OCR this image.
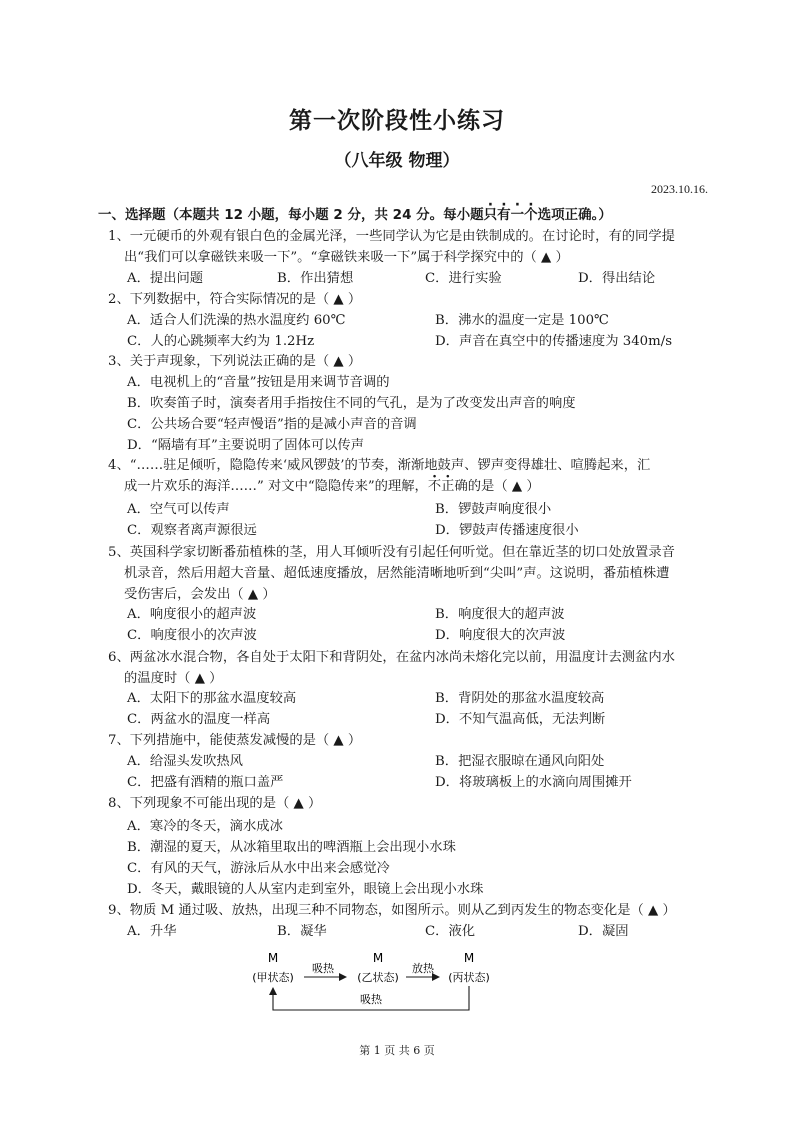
第一次阶段性小练习
（八年级 物理）
2023.10.16.
一、选择题（本题共 12 小题，每小题 2 分，共 24 分。每小题只有一个选项正确。）
1、一元硬币的外观有银白色的金属光泽，一些同学认为它是由铁制成的。在讨论时，有的同学提
出“我们可以拿磁铁来吸一下”。“拿磁铁来吸一下”属于科学探究中的（ ▲ ）
A．提出问题	B．作出猜想	C．进行实验	D．得出结论
2、下列数据中，符合实际情况的是（ ▲ ）
A．适合人们洗澡的热水温度约 60℃	B．沸水的温度一定是 100℃
C．人的心跳频率大约为 1.2Hz	D．声音在真空中的传播速度为 340m/s
3、关于声现象，下列说法正确的是（ ▲ ）
A．电视机上的“音量”按钮是用来调节音调的
B．吹奏笛子时，演奏者用手指按住不同的气孔，是为了改变发出声音的响度
C．公共场合要“轻声慢语”指的是减小声音的音调
D．“隔墙有耳”主要说明了固体可以传声
4、“……驻足倾听，隐隐传来‘威风锣鼓’的节奏，渐渐地鼓声、锣声变得雄壮、喧腾起来，汇
成一片欢乐的海洋……” 对文中“隐隐传来”的理解，不正确的是（ ▲ ）
A．空气可以传声	B．锣鼓声响度很小
C．观察者离声源很远	D．锣鼓声传播速度很小
5、英国科学家切断番茄植株的茎，用人耳倾听没有引起任何听觉。但在靠近茎的切口处放置录音
机录音，然后用超大音量、超低速度播放，居然能清晰地听到“尖叫”声。这说明，番茄植株遭
受伤害后，会发出（ ▲ ）
A．响度很小的超声波	B．响度很大的超声波
C．响度很小的次声波	D．响度很大的次声波
6、两盆冰水混合物，各自处于太阳下和背阴处，在盆内冰尚未熔化完以前，用温度计去测盆内水
的温度时（ ▲ ）
A．太阳下的那盆水温度较高	B．背阴处的那盆水温度较高
C．两盆水的温度一样高	D．不知气温高低，无法判断
7、下列措施中，能使蒸发减慢的是（ ▲ ）
A．给湿头发吹热风	B．把湿衣服晾在通风向阳处
C．把盛有酒精的瓶口盖严	D．将玻璃板上的水滴向周围摊开
8、下列现象不可能出现的是（ ▲ ）
A．寒冷的冬天，滴水成冰
B．潮湿的夏天，从冰箱里取出的啤酒瓶上会出现小水珠
C．有风的天气，游泳后从水中出来会感觉冷
D．冬天，戴眼镜的人从室内走到室外，眼镜上会出现小水珠
9、物质 M 通过吸、放热，出现三种不同物态，如图所示。则从乙到丙发生的物态变化是（ ▲ ）
A．升华	B．凝华	C．液化	D．凝固
M	M	M
(甲状态)	(乙状态)	(丙状态)
吸热	放热
吸热
第 1 页 共 6 页
